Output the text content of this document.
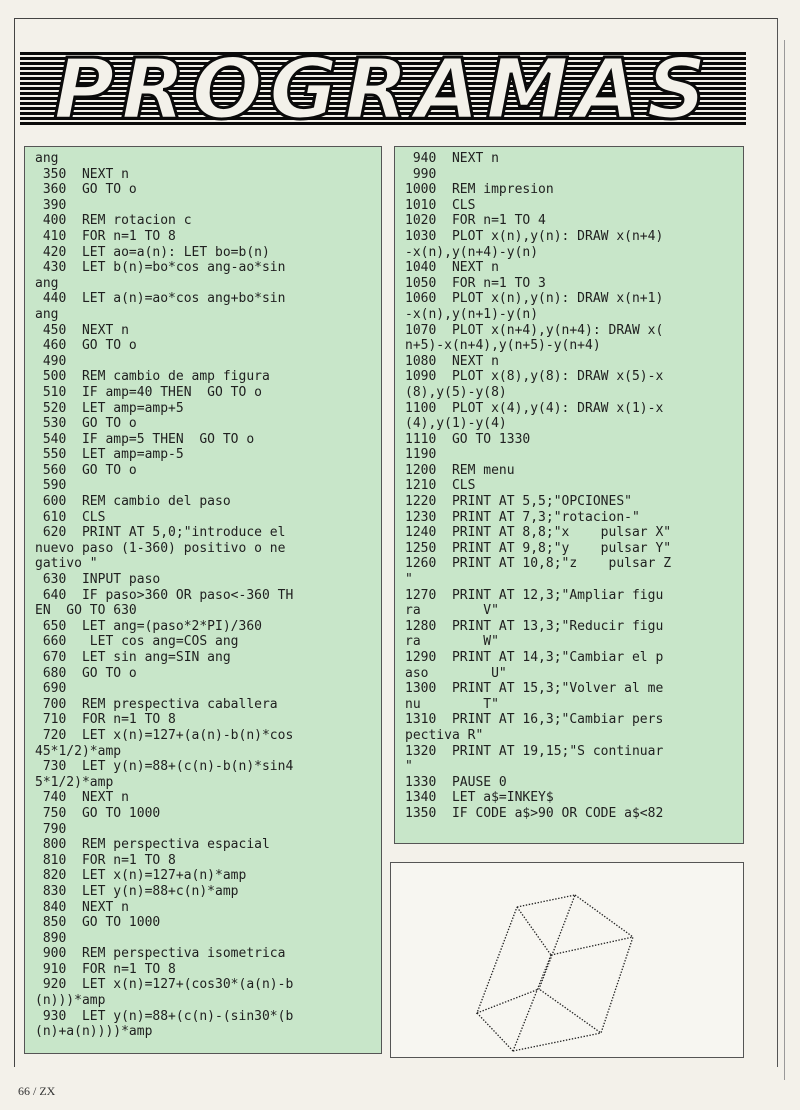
PROGRAMAS
ang
350  NEXT n
360  GO TO o
390
400  REM rotacion c
410  FOR n=1 TO 8
420  LET ao=a(n): LET bo=b(n)
430  LET b(n)=bo*cos ang-ao*sin
ang
440  LET a(n)=ao*cos ang+bo*sin
ang
450  NEXT n
460  GO TO o
490
500  REM cambio de amp figura
510  IF amp=40 THEN  GO TO o
520  LET amp=amp+5
530  GO TO o
540  IF amp=5 THEN  GO TO o
550  LET amp=amp-5
560  GO TO o
590
600  REM cambio del paso
610  CLS
620  PRINT AT 5,0;"introduce el
nuevo paso (1-360) positivo o ne
gativo "
630  INPUT paso
640  IF paso>360 OR paso<-360 TH
EN  GO TO 630
650  LET ang=(paso*2*PI)/360
660   LET cos ang=COS ang
670  LET sin ang=SIN ang
680  GO TO o
690
700  REM prespectiva caballera
710  FOR n=1 TO 8
720  LET x(n)=127+(a(n)-b(n)*cos
45*1/2)*amp
730  LET y(n)=88+(c(n)-b(n)*sin4
5*1/2)*amp
740  NEXT n
750  GO TO 1000
790
800  REM perspectiva espacial
810  FOR n=1 TO 8
820  LET x(n)=127+a(n)*amp
830  LET y(n)=88+c(n)*amp
840  NEXT n
850  GO TO 1000
890
900  REM perspectiva isometrica
910  FOR n=1 TO 8
920  LET x(n)=127+(cos30*(a(n)-b
(n)))*amp
930  LET y(n)=88+(c(n)-(sin30*(b
(n)+a(n))))*amp
940  NEXT n
990
1000  REM impresion
1010  CLS
1020  FOR n=1 TO 4
1030  PLOT x(n),y(n): DRAW x(n+4)
-x(n),y(n+4)-y(n)
1040  NEXT n
1050  FOR n=1 TO 3
1060  PLOT x(n),y(n): DRAW x(n+1)
-x(n),y(n+1)-y(n)
1070  PLOT x(n+4),y(n+4): DRAW x(
n+5)-x(n+4),y(n+5)-y(n+4)
1080  NEXT n
1090  PLOT x(8),y(8): DRAW x(5)-x
(8),y(5)-y(8)
1100  PLOT x(4),y(4): DRAW x(1)-x
(4),y(1)-y(4)
1110  GO TO 1330
1190
1200  REM menu
1210  CLS
1220  PRINT AT 5,5;"OPCIONES"
1230  PRINT AT 7,3;"rotacion-"
1240  PRINT AT 8,8;"x    pulsar X"
1250  PRINT AT 9,8;"y    pulsar Y"
1260  PRINT AT 10,8;"z    pulsar Z
"
1270  PRINT AT 12,3;"Ampliar figu
ra        V"
1280  PRINT AT 13,3;"Reducir figu
ra        W"
1290  PRINT AT 14,3;"Cambiar el p
aso        U"
1300  PRINT AT 15,3;"Volver al me
nu        T"
1310  PRINT AT 16,3;"Cambiar pers
pectiva R"
1320  PRINT AT 19,15;"S continuar
"
1330  PAUSE 0
1340  LET a$=INKEY$
1350  IF CODE a$>90 OR CODE a$<82
66 / ZX
